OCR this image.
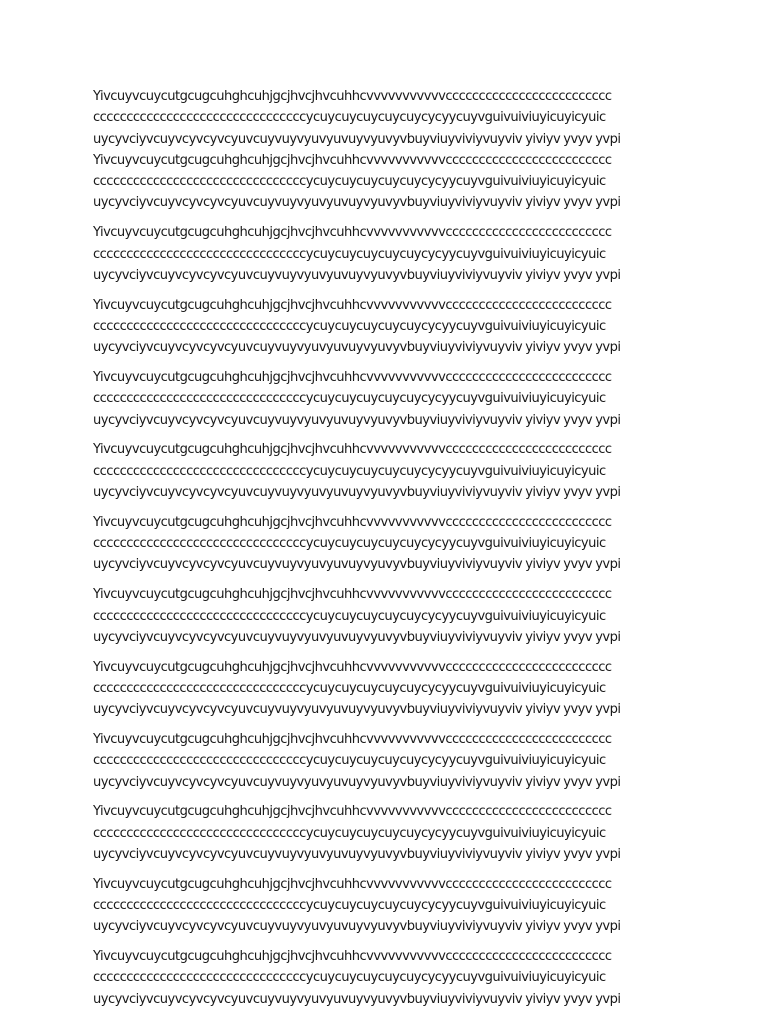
Yivcuyvcuycutgcugcuhghcuhjgcjhvcjhvcuhhcvvvvvvvvvvvccccccccccccccccccccccccc
ccccccccccccccccccccccccccccccccycuycuycuycuycuycycyycuyvguivuiviuyicuyicyuic
uycyvciyvcuyvcyvcyvcyuvcuyvuyvyuvyuvuyvyuvyvbuyviuyviviyvuyviv yiviyv yvyv yvpi
Yivcuyvcuycutgcugcuhghcuhjgcjhvcjhvcuhhcvvvvvvvvvvvccccccccccccccccccccccccc
ccccccccccccccccccccccccccccccccycuycuycuycuycuycycyycuyvguivuiviuyicuyicyuic
uycyvciyvcuyvcyvcyvcyuvcuyvuyvyuvyuvuyvyuvyvbuyviuyviviyvuyviv yiviyv yvyv yvpi

Yivcuyvcuycutgcugcuhghcuhjgcjhvcjhvcuhhcvvvvvvvvvvvccccccccccccccccccccccccc
ccccccccccccccccccccccccccccccccycuycuycuycuycuycycyycuyvguivuiviuyicuyicyuic
uycyvciyvcuyvcyvcyvcyuvcuyvuyvyuvyuvuyvyuvyvbuyviuyviviyvuyviv yiviyv yvyv yvpi

Yivcuyvcuycutgcugcuhghcuhjgcjhvcjhvcuhhcvvvvvvvvvvvccccccccccccccccccccccccc
ccccccccccccccccccccccccccccccccycuycuycuycuycuycycyycuyvguivuiviuyicuyicyuic
uycyvciyvcuyvcyvcyvcyuvcuyvuyvyuvyuvuyvyuvyvbuyviuyviviyvuyviv yiviyv yvyv yvpi

Yivcuyvcuycutgcugcuhghcuhjgcjhvcjhvcuhhcvvvvvvvvvvvccccccccccccccccccccccccc
ccccccccccccccccccccccccccccccccycuycuycuycuycuycycyycuyvguivuiviuyicuyicyuic
uycyvciyvcuyvcyvcyvcyuvcuyvuyvyuvyuvuyvyuvyvbuyviuyviviyvuyviv yiviyv yvyv yvpi

Yivcuyvcuycutgcugcuhghcuhjgcjhvcjhvcuhhcvvvvvvvvvvvccccccccccccccccccccccccc
ccccccccccccccccccccccccccccccccycuycuycuycuycuycycyycuyvguivuiviuyicuyicyuic
uycyvciyvcuyvcyvcyvcyuvcuyvuyvyuvyuvuyvyuvyvbuyviuyviviyvuyviv yiviyv yvyv yvpi

Yivcuyvcuycutgcugcuhghcuhjgcjhvcjhvcuhhcvvvvvvvvvvvccccccccccccccccccccccccc
ccccccccccccccccccccccccccccccccycuycuycuycuycuycycyycuyvguivuiviuyicuyicyuic
uycyvciyvcuyvcyvcyvcyuvcuyvuyvyuvyuvuyvyuvyvbuyviuyviviyvuyviv yiviyv yvyv yvpi

Yivcuyvcuycutgcugcuhghcuhjgcjhvcjhvcuhhcvvvvvvvvvvvccccccccccccccccccccccccc
ccccccccccccccccccccccccccccccccycuycuycuycuycuycycyycuyvguivuiviuyicuyicyuic
uycyvciyvcuyvcyvcyvcyuvcuyvuyvyuvyuvuyvyuvyvbuyviuyviviyvuyviv yiviyv yvyv yvpi

Yivcuyvcuycutgcugcuhghcuhjgcjhvcjhvcuhhcvvvvvvvvvvvccccccccccccccccccccccccc
ccccccccccccccccccccccccccccccccycuycuycuycuycuycycyycuyvguivuiviuyicuyicyuic
uycyvciyvcuyvcyvcyvcyuvcuyvuyvyuvyuvuyvyuvyvbuyviuyviviyvuyviv yiviyv yvyv yvpi

Yivcuyvcuycutgcugcuhghcuhjgcjhvcjhvcuhhcvvvvvvvvvvvccccccccccccccccccccccccc
ccccccccccccccccccccccccccccccccycuycuycuycuycuycycyycuyvguivuiviuyicuyicyuic
uycyvciyvcuyvcyvcyvcyuvcuyvuyvyuvyuvuyvyuvyvbuyviuyviviyvuyviv yiviyv yvyv yvpi

Yivcuyvcuycutgcugcuhghcuhjgcjhvcjhvcuhhcvvvvvvvvvvvccccccccccccccccccccccccc
ccccccccccccccccccccccccccccccccycuycuycuycuycuycycyycuyvguivuiviuyicuyicyuic
uycyvciyvcuyvcyvcyvcyuvcuyvuyvyuvyuvuyvyuvyvbuyviuyviviyvuyviv yiviyv yvyv yvpi

Yivcuyvcuycutgcugcuhghcuhjgcjhvcjhvcuhhcvvvvvvvvvvvccccccccccccccccccccccccc
ccccccccccccccccccccccccccccccccycuycuycuycuycuycycyycuyvguivuiviuyicuyicyuic
uycyvciyvcuyvcyvcyvcyuvcuyvuyvyuvyuvuyvyuvyvbuyviuyviviyvuyviv yiviyv yvyv yvpi

Yivcuyvcuycutgcugcuhghcuhjgcjhvcjhvcuhhcvvvvvvvvvvvccccccccccccccccccccccccc
ccccccccccccccccccccccccccccccccycuycuycuycuycuycycyycuyvguivuiviuyicuyicyuic
uycyvciyvcuyvcyvcyvcyuvcuyvuyvyuvyuvuyvyuvyvbuyviuyviviyvuyviv yiviyv yvyv yvpi
